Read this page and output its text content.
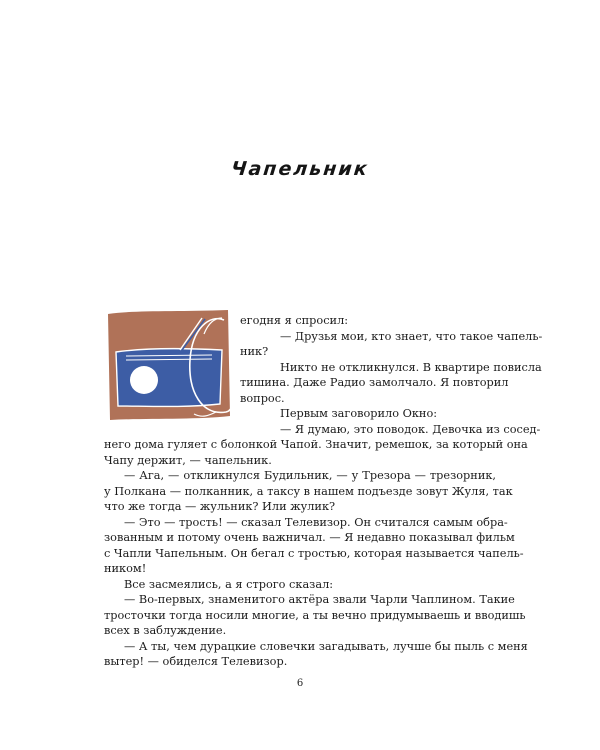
Чапельник
егодня я спросил:
— Друзья мои, кто знает, что такое чапель-
ник?
Никто не откликнулся. В квартире повисла
тишина. Даже Радио замолчало. Я повторил
вопрос.
Первым заговорило Окно:
— Я думаю, это поводок. Девочка из сосед-
него дома гуляет с болонкой Чапой. Значит, ремешок, за который она
Чапу держит, — чапельник.
— Ага, — откликнулся Будильник, — у Трезора — трезорник,
у Полкана — полканник, а таксу в нашем подъезде зовут Жуля, так
что же тогда — жульник? Или жулик?
— Это — трость! — сказал Телевизор. Он считался самым обра-
зованным и потому очень важничал. — Я недавно показывал фильм
с Чапли Чапельным. Он бегал с тростью, которая называется чапель-
ником!
Все засмеялись, а я строго сказал:
— Во-первых, знаменитого актёра звали Чарли Чаплином. Такие
тросточки тогда носили многие, а ты вечно придумываешь и вводишь
всех в заблуждение.
— А ты, чем дурацкие словечки загадывать, лучше бы пыль с меня
вытер! — обиделся Телевизор.
6
